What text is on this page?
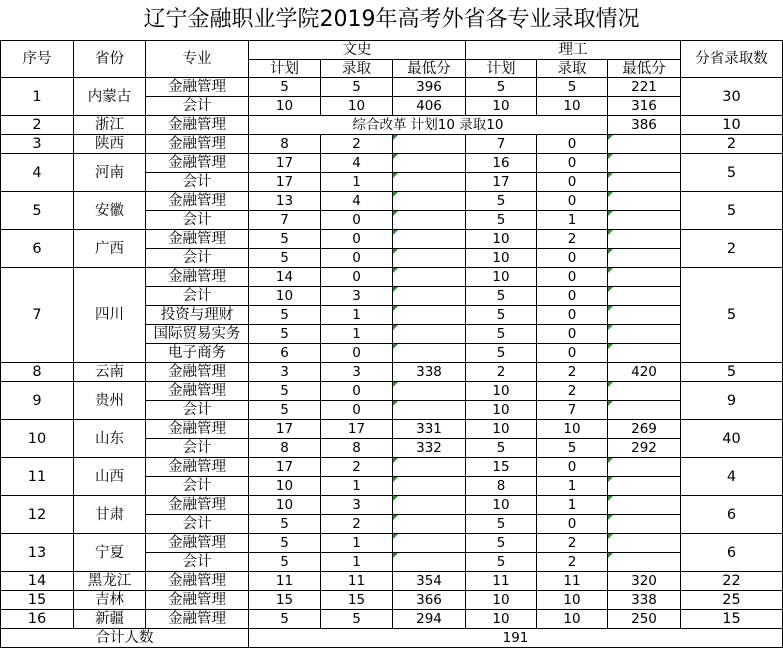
辽宁金融职业学院2019年高考外省各专业录取情况
序号	省份	专业	文史			理工			分省录取数
			计划	录取	最低分	计划	录取	最低分	
1	内蒙古	金融管理	5	5	396	5	5	221	30
		会计	10	10	406	10	10	316	
2	浙江	金融管理	综合改革 计划10 录取10					386	10
3	陕西	金融管理	8	2		7	0		2
4	河南	金融管理	17	4		16	0		5
		会计	17	1		17	0		
5	安徽	金融管理	13	4		5	0		5
		会计	7	0		5	1		
6	广西	金融管理	5	0		10	2		2
		会计	5	0		10	0		
7	四川	金融管理	14	0		10	0		5
		会计	10	3		5	0		
		投资与理财	5	1		5	0		
		国际贸易实务	5	1		5	0		
		电子商务	6	0		5	0		
8	云南	金融管理	3	3	338	2	2	420	5
9	贵州	金融管理	5	0		10	2		9
		会计	5	0		10	7		
10	山东	金融管理	17	17	331	10	10	269	40
		会计	8	8	332	5	5	292	
11	山西	金融管理	17	2		15	0		4
		会计	10	1		8	1		
12	甘肃	金融管理	10	3		10	1		6
		会计	5	2		5	0		
13	宁夏	金融管理	5	1		5	2		6
		会计	5	1		5	2		
14	黑龙江	金融管理	11	11	354	11	11	320	22
15	吉林	金融管理	15	15	366	10	10	338	25
16	新疆	金融管理	5	5	294	10	10	250	15
合计人数			191						
